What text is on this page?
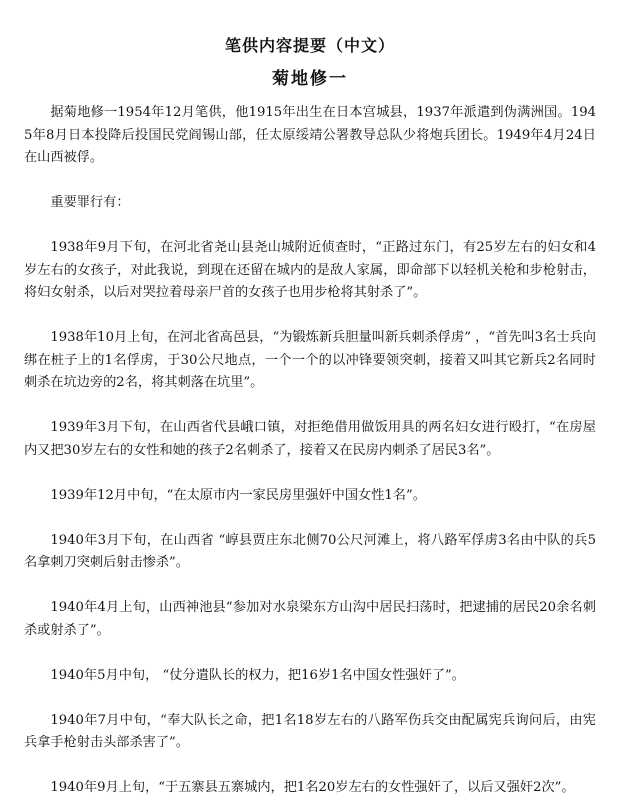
笔供内容提要（中文）
菊地修一

据菊地修一1954年12月笔供，他1915年出生在日本宫城县，1937年派遣到伪满洲国。1945年8月日本投降后投国民党阎锡山部，任太原绥靖公署教导总队少将炮兵团长。1949年4月24日在山西被俘。

重要罪行有：

1938年9月下旬，在河北省尧山县尧山城附近侦查时，“正路过东门，有25岁左右的妇女和4岁左右的女孩子，对此我说，到现在还留在城内的是敌人家属，即命部下以轻机关枪和步枪射击，将妇女射杀，以后对哭拉着母亲尸首的女孩子也用步枪将其射杀了”。

1938年10月上旬，在河北省高邑县，“为锻炼新兵胆量叫新兵刺杀俘虏” ，“首先叫3名士兵向绑在桩子上的1名俘虏，于30公尺地点，一个一个的以冲锋要领突刺，接着又叫其它新兵2名同时刺杀在坑边旁的2名，将其刺落在坑里”。

1939年3月下旬，在山西省代县峨口镇，对拒绝借用做饭用具的两名妇女进行殴打，“在房屋内又把30岁左右的女性和她的孩子2名刺杀了，接着又在民房内刺杀了居民3名”。

1939年12月中旬，“在太原市内一家民房里强奸中国女性1名”。

1940年3月下旬，在山西省 “崞县贾庄东北侧70公尺河滩上，将八路军俘虏3名由中队的兵5名拿刺刀突刺后射击惨杀”。

1940年4月上旬，山西神池县“参加对水泉梁东方山沟中居民扫荡时，把逮捕的居民20余名刺杀或射杀了”。

1940年5月中旬， “仗分遣队长的权力，把16岁1名中国女性强奸了”。

1940年7月中旬，“奉大队长之命，把1名18岁左右的八路军伤兵交由配属宪兵询问后，由宪兵拿手枪射击头部杀害了”。

1940年9月上旬，“于五寨县五寨城内，把1名20岁左右的女性强奸了，以后又强奸2次”。
